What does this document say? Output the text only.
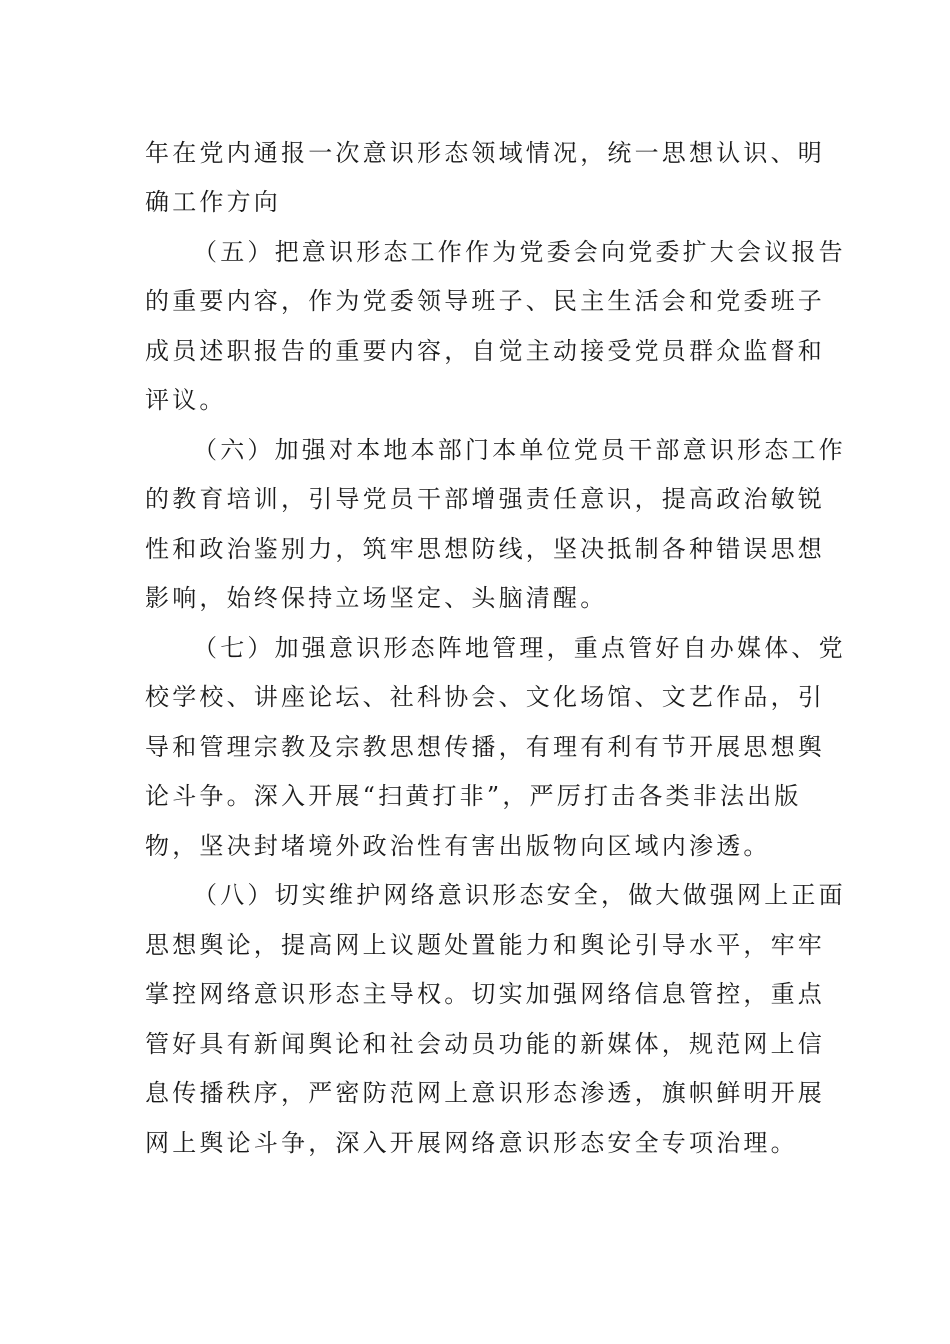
年在党内通报一次意识形态领域情况，统一思想认识、明
确工作方向
（五）把意识形态工作作为党委会向党委扩大会议报告
的重要内容，作为党委领导班子、民主生活会和党委班子
成员述职报告的重要内容，自觉主动接受党员群众监督和
评议。
（六）加强对本地本部门本单位党员干部意识形态工作
的教育培训，引导党员干部增强责任意识，提高政治敏锐
性和政治鉴别力，筑牢思想防线，坚决抵制各种错误思想
影响，始终保持立场坚定、头脑清醒。
（七）加强意识形态阵地管理，重点管好自办媒体、党
校学校、讲座论坛、社科协会、文化场馆、文艺作品，引
导和管理宗教及宗教思想传播，有理有利有节开展思想舆
论斗争。深入开展“扫黄打非”，严厉打击各类非法出版
物，坚决封堵境外政治性有害出版物向区域内渗透。
（八）切实维护网络意识形态安全，做大做强网上正面
思想舆论，提高网上议题处置能力和舆论引导水平，牢牢
掌控网络意识形态主导权。切实加强网络信息管控，重点
管好具有新闻舆论和社会动员功能的新媒体，规范网上信
息传播秩序，严密防范网上意识形态渗透，旗帜鲜明开展
网上舆论斗争，深入开展网络意识形态安全专项治理。
